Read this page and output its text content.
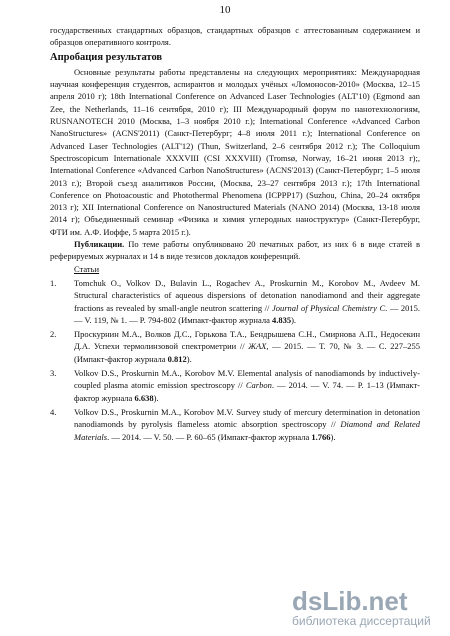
10

государственных стандартных образцов, стандартных образцов с аттестованным содержанием и образцов оперативного контроля.

Апробация результатов

Основные результаты работы представлены на следующих мероприятиях: Международная научная конференция студентов, аспирантов и молодых учёных «Ломоносов-2010» (Москва, 12–15 апреля 2010 г); 18th International Conference on Advanced Laser Technologies (ALT'10) (Egmond aan Zee, the Netherlands, 11–16 сентября, 2010 г); III Международный форум по нанотехнологиям, RUSNANOTECH 2010 (Москва, 1–3 ноября 2010 г.); International Conference «Advanced Carbon NanoStructures» (ACNS'2011) (Санкт-Петербург; 4–8 июля 2011 г.); International Conference on Advanced Laser Technologies (ALT'12) (Thun, Switzerland, 2–6 сентября 2012 г.); The Colloquium Spectroscopicum Internationale XXXVIII (CSI XXXVIII) (Tromsø, Norway, 16–21 июня 2013 г);, International Conference «Advanced Carbon NanoStructures» (ACNS'2013) (Санкт-Петербург; 1–5 июля 2013 г.); Второй съезд аналитиков России, (Москва, 23–27 сентября 2013 г.); 17th International Conference on Photoacoustic and Photothermal Phenomena (ICPPP17) (Suzhou, China, 20–24 октября 2013 г); XII International Conference on Nanostructured Materials (NANO 2014) (Москва, 13-18 июля 2014 г); Объединенный семинар «Физика и химия углеродных наноструктур» (Санкт-Петербург, ФТИ им. А.Ф. Иоффе, 5 марта 2015 г.).

Публикации. По теме работы опубликовано 20 печатных работ, из них 6 в виде статей в реферируемых журналах и 14 в виде тезисов докладов конференций.

Статьи

1.	Tomchuk O., Volkov D., Bulavin L., Rogachev A., Proskurnin M., Korobov M., Avdeev M. Structural characteristics of aqueous dispersions of detonation nanodiamond and their aggregate fractions as revealed by small-angle neutron scattering // Journal of Physical Chemistry C. — 2015. — V. 119, № 1. — P. 794-802 (Импакт-фактор журнала 4.835).
2.	Проскурнин М.А., Волков Д.С., Горькова Т.А., Бендрышева С.Н., Смирнова А.П., Недосекин Д.А. Успехи термолинзовой спектрометрии // ЖАХ, — 2015. — Т. 70, № 3. — С. 227–255 (Импакт-фактор журнала 0.812).
3.	Volkov D.S., Proskurnin M.A., Korobov M.V. Elemental analysis of nanodiamonds by inductively-coupled plasma atomic emission spectroscopy // Carbon. — 2014. — V. 74. — P. 1–13 (Импакт-фактор журнала 6.638).
4.	Volkov D.S., Proskurnin M.A., Korobov M.V. Survey study of mercury determination in detonation nanodiamonds by pyrolysis flameless atomic absorption spectroscopy // Diamond and Related Materials. — 2014. — V. 50. — P. 60–65 (Импакт-фактор журнала 1.766).
dsLib.net
библиотека диссертаций
